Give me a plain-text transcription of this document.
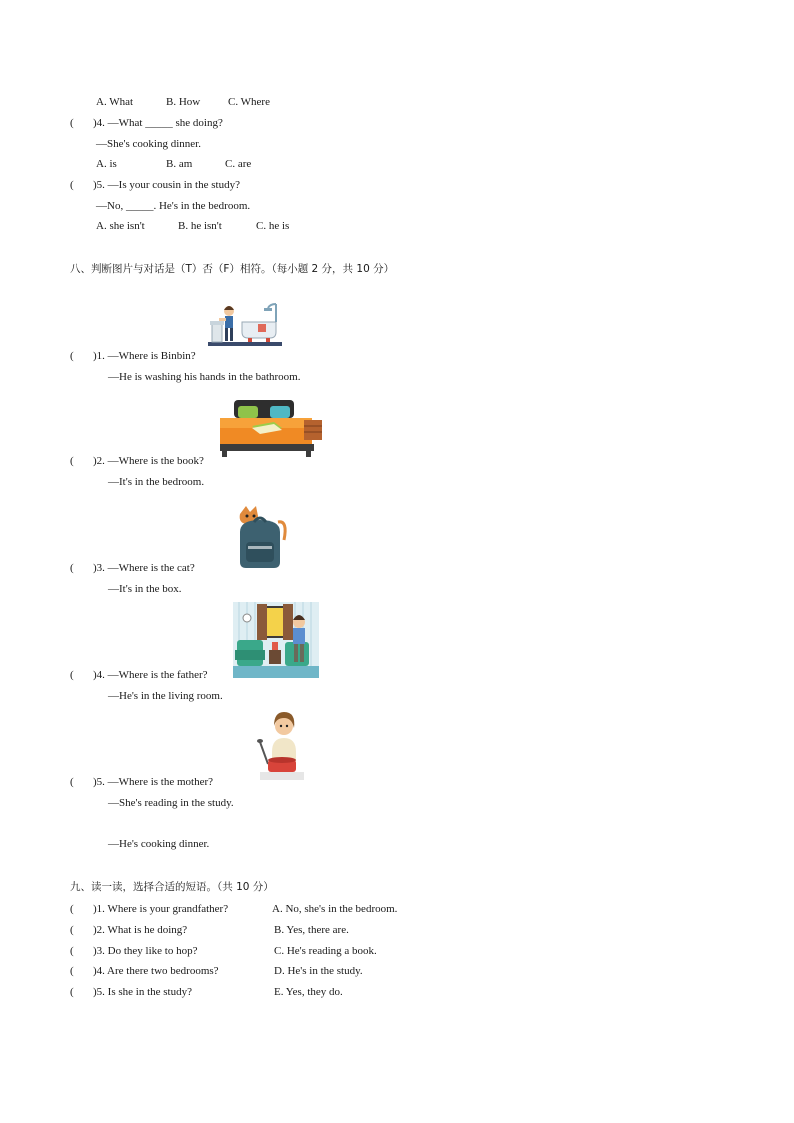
A. What	B. How	C. Where
( )4. —What _____ she doing?
—She's cooking dinner.
A. is	B. am	C. are
( )5. —Is your cousin in the study?
—No, _____. He's in the bedroom.
A. she isn't	B. he isn't	C. he is
八、判断图片与对话是（T）否（F）相符。（每小题 2 分，共 10 分）
( )1. —Where is Binbin?
—He is washing his hands in the bathroom.
( )2. —Where is the book?
—It's in the bedroom.
( )3. —Where is the cat?
—It's in the box.
( )4. —Where is the father?
—He's in the living room.
( )5. —Where is the mother?
—She's reading in the study.
—He's cooking dinner.
九、读一读，选择合适的短语。（共 10 分）
( )1. Where is your grandfather?	A. No, she's in the bedroom.
( )2. What is he doing?	B. Yes, there are.
( )3. Do they like to hop?	C. He's reading a book.
( )4. Are there two bedrooms?	D. He's in the study.
( )5. Is she in the study?	E. Yes, they do.
